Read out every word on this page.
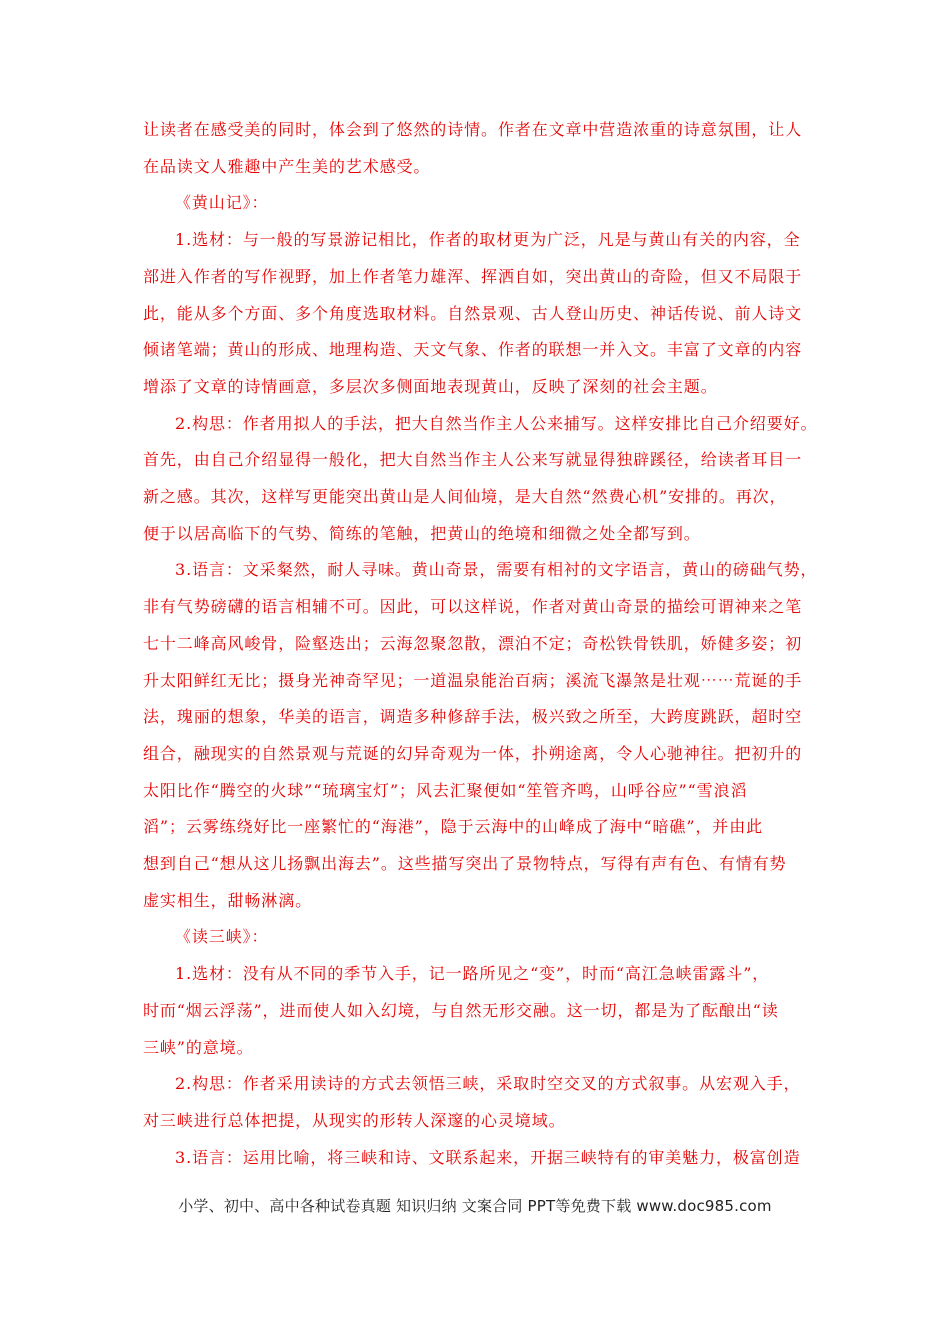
让读者在感受美的同时，体会到了悠然的诗情。作者在文章中营造浓重的诗意氛围，让人

在品读文人雅趣中产生美的艺术感受。

《黄山记》：

1.选材：与一般的写景游记相比，作者的取材更为广泛，凡是与黄山有关的内容，全

部进入作者的写作视野，加上作者笔力雄浑、挥洒自如，突出黄山的奇险，但又不局限于

此，能从多个方面、多个角度选取材料。自然景观、古人登山历史、神话传说、前人诗文

倾诸笔端；黄山的形成、地理构造、天文气象、作者的联想一并入文。丰富了文章的内容

增添了文章的诗情画意，多层次多侧面地表现黄山，反映了深刻的社会主题。

2.构思：作者用拟人的手法，把大自然当作主人公来捕写。这样安排比自己介绍要好。

首先，由自己介绍显得一般化，把大自然当作主人公来写就显得独辟蹊径，给读者耳目一

新之感。其次，这样写更能突出黄山是人间仙境，是大自然“然费心机”安排的。再次，

便于以居高临下的气势、简练的笔触，把黄山的绝境和细微之处全都写到。

3.语言：文采粲然，耐人寻味。黄山奇景，需要有相衬的文字语言，黄山的磅础气势，

非有气势磅礴的语言相辅不可。因此，可以这样说，作者对黄山奇景的描绘可谓神来之笔

七十二峰高风峻骨，险壑迭出；云海忽聚忽散，漂泊不定；奇松铁骨铁肌，娇健多姿；初

升太阳鲜红无比；摄身光神奇罕见；一道温泉能治百病；溪流飞瀑煞是壮观⋯⋯荒诞的手

法，瑰丽的想象，华美的语言，调造多种修辞手法，极兴致之所至，大跨度跳跃，超时空

组合，融现实的自然景观与荒诞的幻异奇观为一体，扑朔途离，令人心驰神往。把初升的

太阳比作“腾空的火球”“琉璃宝灯”；风去汇聚便如“笙管齐鸣，山呼谷应”“雪浪滔

滔”；云雾练绕好比一座繁忙的“海港”，隐于云海中的山峰成了海中“暗礁”，并由此

想到自己“想从这儿扬飘出海去”。这些描写突出了景物特点，写得有声有色、有情有势

虚实相生，甜畅淋漓。

《读三峡》：

1.选材：没有从不同的季节入手，记一路所见之“变”，时而“高江急峡雷露斗”，

时而“烟云浮荡”，进而使人如入幻境，与自然无形交融。这一切，都是为了酝酿出“读

三峡”的意境。

2.构思：作者采用读诗的方式去领悟三峡，采取时空交叉的方式叙事。从宏观入手，

对三峡进行总体把提，从现实的形转人深邃的心灵境域。

3.语言：运用比喻，将三峡和诗、文联系起来，开据三峡特有的审美魅力，极富创造

小学、初中、高中各种试卷真题 知识归纳 文案合同 PPT等免费下载 www.doc985.com
